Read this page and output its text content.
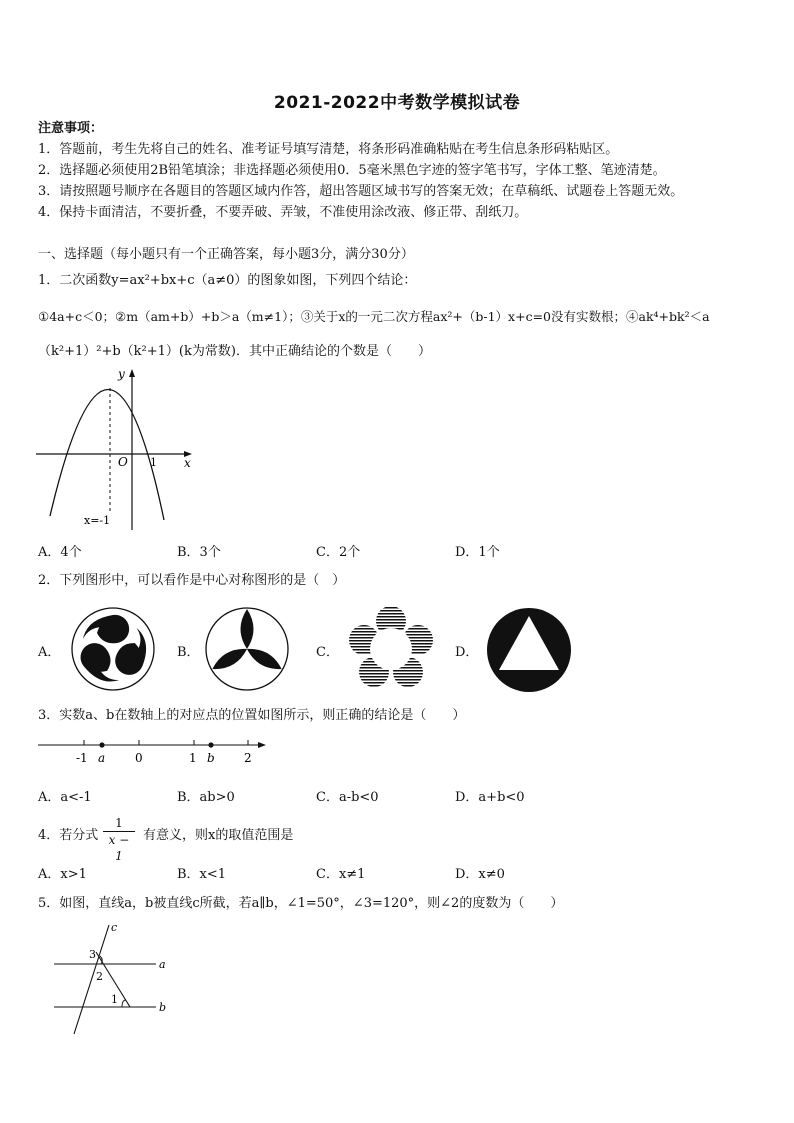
2021-2022中考数学模拟试卷
注意事项：
1．答题前，考生先将自己的姓名、准考证号填写清楚，将条形码准确粘贴在考生信息条形码粘贴区。
2．选择题必须使用2B铅笔填涂；非选择题必须使用0．5毫米黑色字迹的签字笔书写，字体工整、笔迹清楚。
3．请按照题号顺序在各题目的答题区域内作答，超出答题区域书写的答案无效；在草稿纸、试题卷上答题无效。
4．保持卡面清洁，不要折叠，不要弄破、弄皱，不准使用涂改液、修正带、刮纸刀。
一、选择题（每小题只有一个正确答案，每小题3分，满分30分）
1．二次函数y=ax²+bx+c（a≠0）的图象如图，下列四个结论：
①4a+c＜0；②m（am+b）+b＞a（m≠1）；③关于x的一元二次方程ax²+（b-1）x+c=0没有实数根；④ak⁴+bk²＜a
（k²+1）²+b（k²+1）(k为常数)．其中正确结论的个数是（　　）
y
x
O 1
x=-1
A．4个	B．3个	C．2个	D．1个
2．下列图形中，可以看作是中心对称图形的是（　）
A．	B．	C．	D．
3．实数a、b在数轴上的对应点的位置如图所示，则正确的结论是（　　）
-1 a 0	1 b 2
A．a<-1	B．ab>0	C．a-b<0	D．a+b<0
4．若分式 $\frac{1}{x - 1}$ 有意义，则x的取值范围是
A．x>1	B．x<1	C．x≠1	D．x≠0
5．如图，直线a，b被直线c所截，若a∥b，∠1=50°，∠3=120°，则∠2的度数为（　　）
c
a
b
3
2
1
